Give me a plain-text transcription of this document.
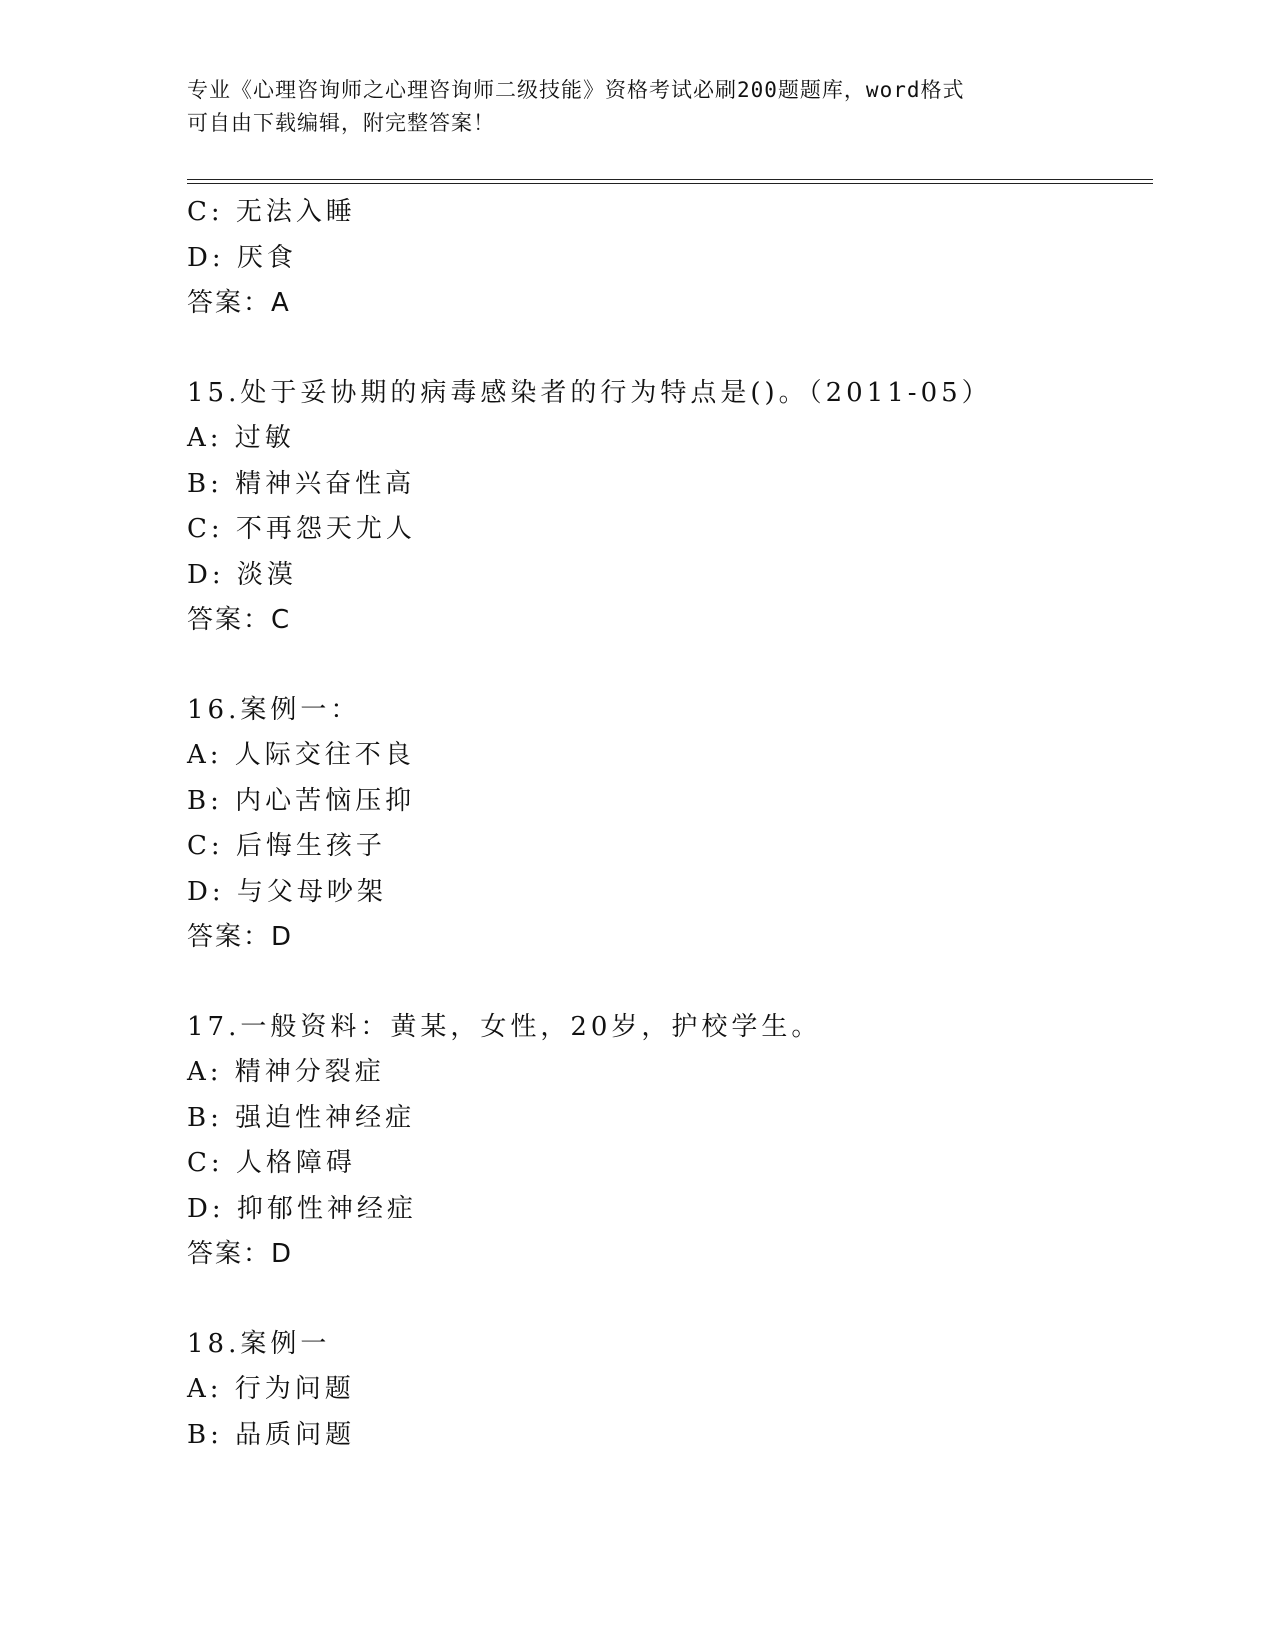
专业《心理咨询师之心理咨询师二级技能》资格考试必刷200题题库，word格式
可自由下载编辑，附完整答案！
C: 无法入睡
D: 厌食
答案：A
15.处于妥协期的病毒感染者的行为特点是()。（2011-05）
A: 过敏
B: 精神兴奋性高
C: 不再怨天尤人
D: 淡漠
答案：C
16.案例一：
A: 人际交往不良
B: 内心苦恼压抑
C: 后悔生孩子
D: 与父母吵架
答案：D
17.一般资料：黄某，女性，20岁，护校学生。
A: 精神分裂症
B: 强迫性神经症
C: 人格障碍
D: 抑郁性神经症
答案：D
18.案例一
A: 行为问题
B: 品质问题
